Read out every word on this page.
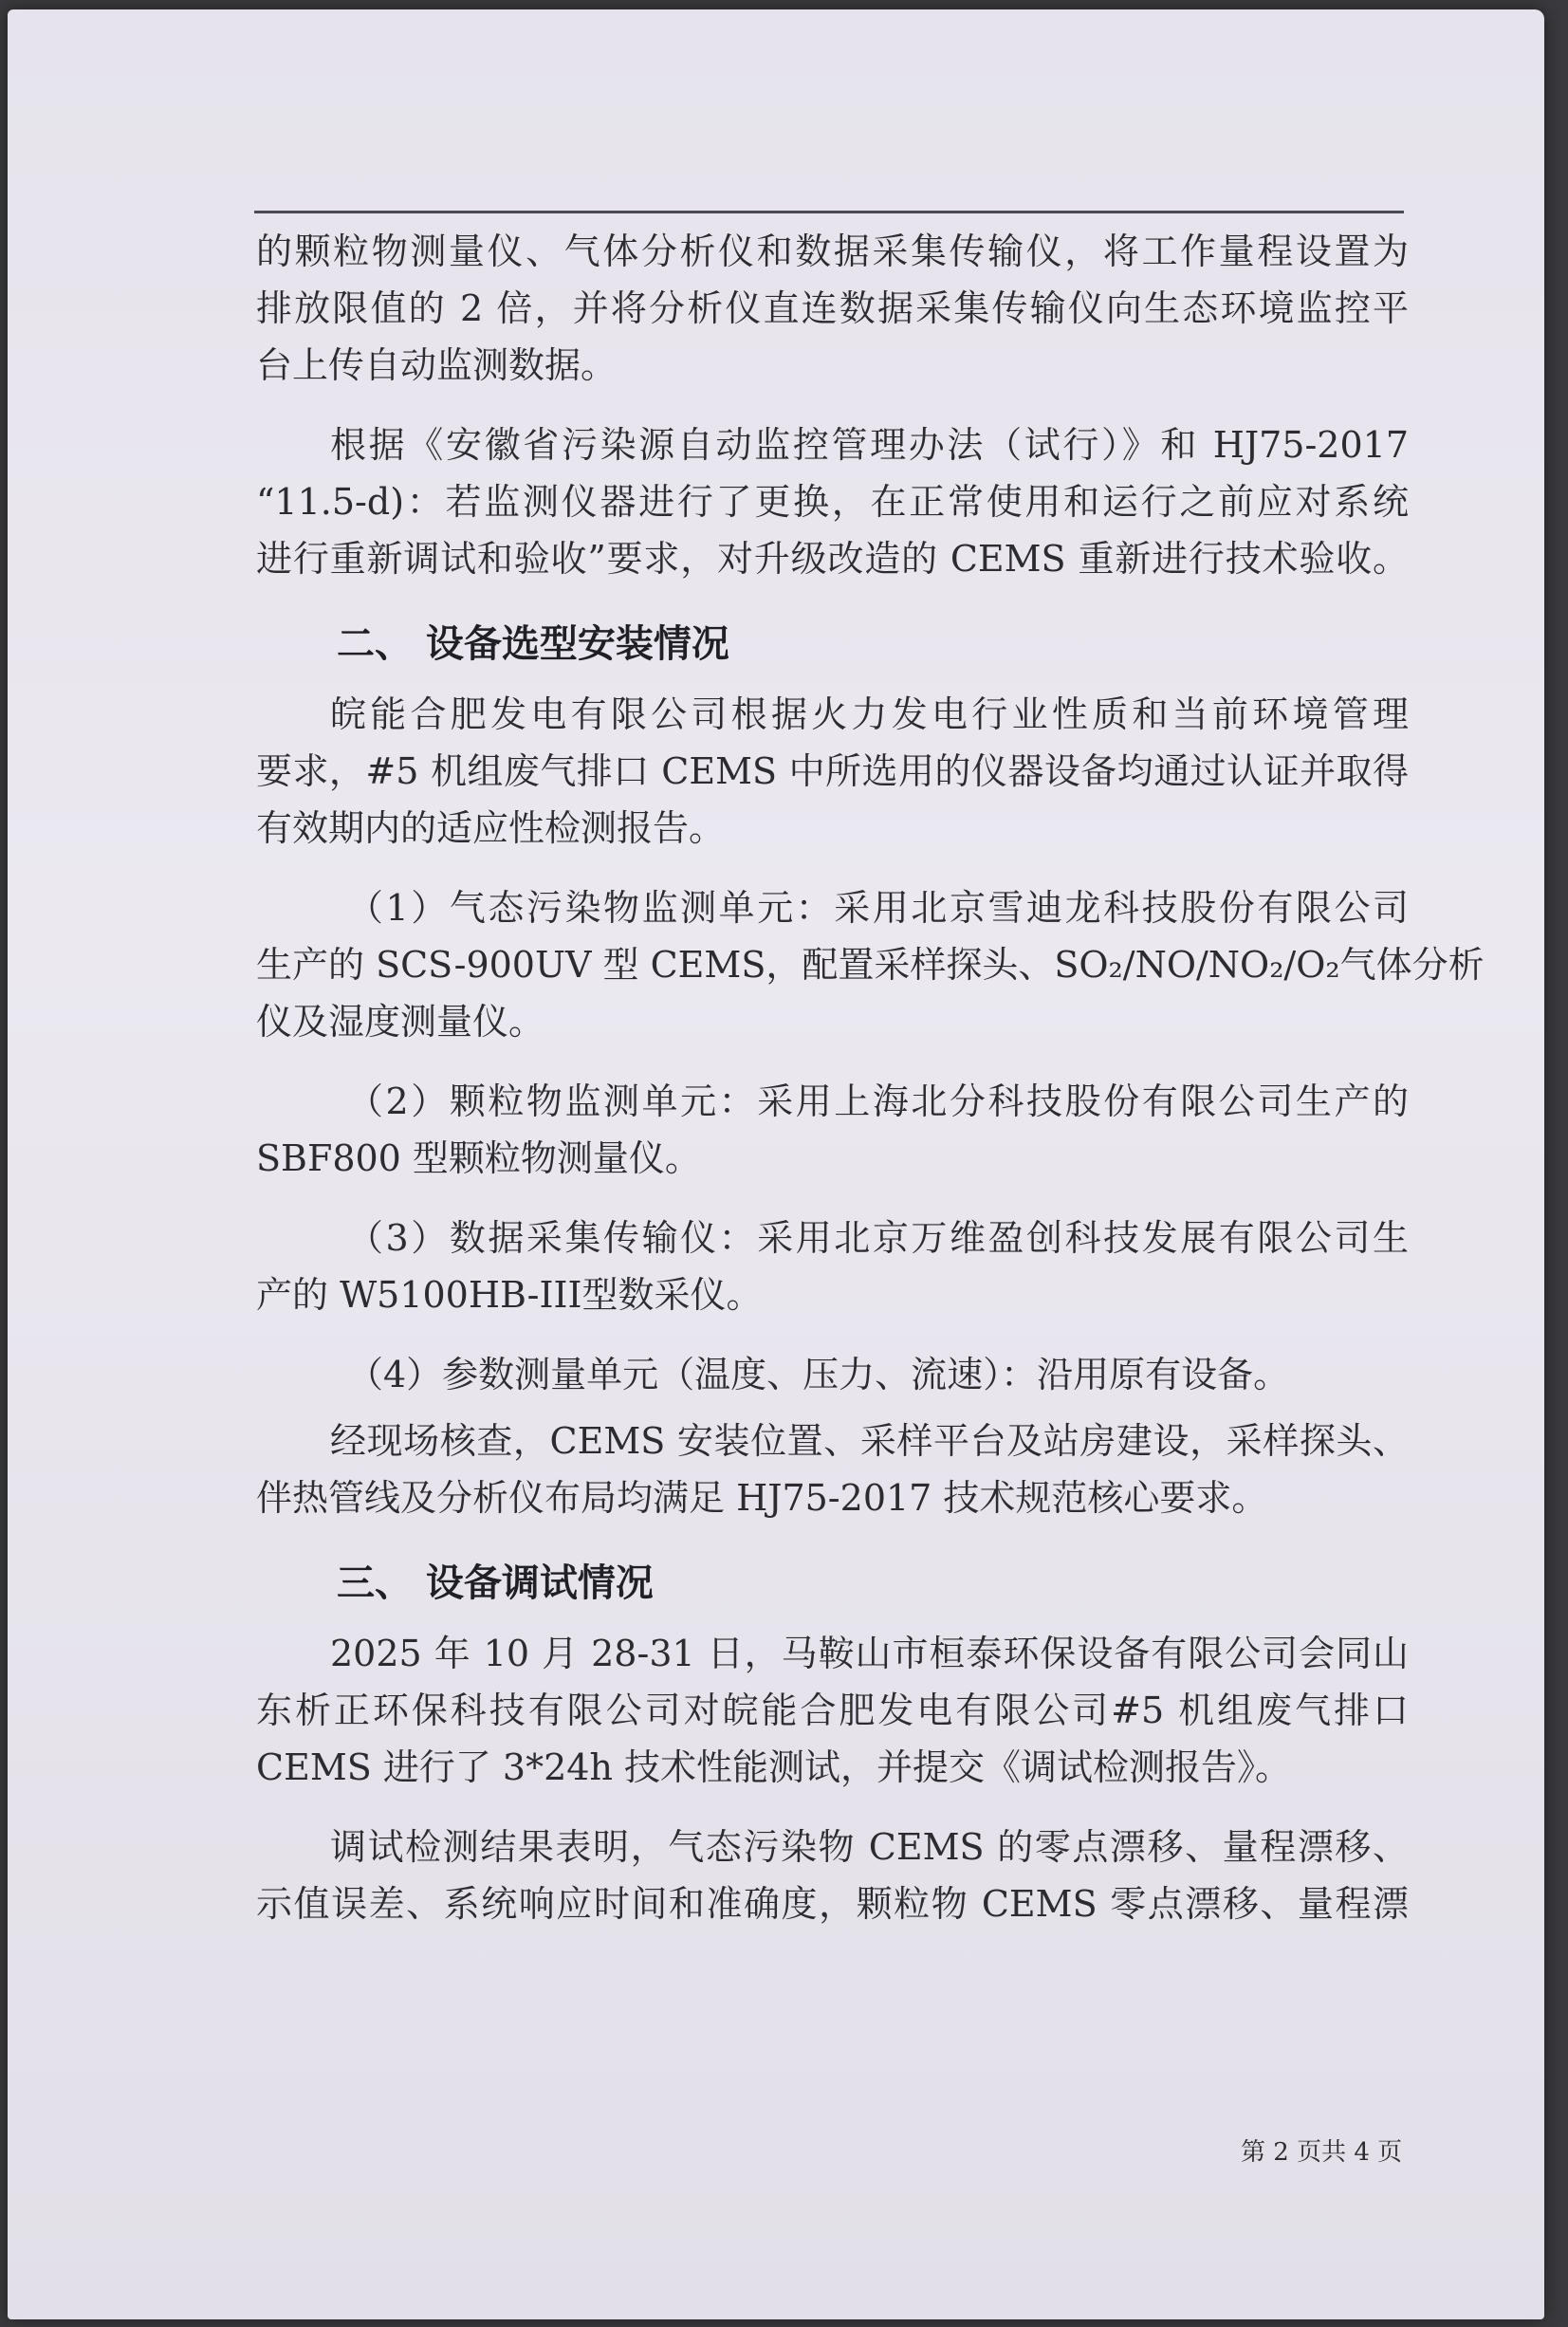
的颗粒物测量仪、气体分析仪和数据采集传输仪，将工作量程设置为
排放限值的 2 倍，并将分析仪直连数据采集传输仪向生态环境监控平
台上传自动监测数据。
根据《安徽省污染源自动监控管理办法（试行）》和 HJ75-2017
“11.5-d)：若监测仪器进行了更换，在正常使用和运行之前应对系统
进行重新调试和验收”要求，对升级改造的 CEMS 重新进行技术验收。
二、 设备选型安装情况
皖能合肥发电有限公司根据火力发电行业性质和当前环境管理
要求，#5 机组废气排口 CEMS 中所选用的仪器设备均通过认证并取得
有效期内的适应性检测报告。
（1）气态污染物监测单元：采用北京雪迪龙科技股份有限公司
生产的 SCS-900UV 型 CEMS，配置采样探头、SO₂/NO/NO₂/O₂气体分析
仪及湿度测量仪。
（2）颗粒物监测单元：采用上海北分科技股份有限公司生产的
SBF800 型颗粒物测量仪。
（3）数据采集传输仪：采用北京万维盈创科技发展有限公司生
产的 W5100HB-III型数采仪。
（4）参数测量单元（温度、压力、流速）：沿用原有设备。
经现场核查，CEMS 安装位置、采样平台及站房建设，采样探头、
伴热管线及分析仪布局均满足 HJ75-2017 技术规范核心要求。
三、 设备调试情况
2025 年 10 月 28-31 日，马鞍山市桓泰环保设备有限公司会同山
东析正环保科技有限公司对皖能合肥发电有限公司#5 机组废气排口
CEMS 进行了 3*24h 技术性能测试，并提交《调试检测报告》。
调试检测结果表明，气态污染物 CEMS 的零点漂移、量程漂移、
示值误差、系统响应时间和准确度，颗粒物 CEMS 零点漂移、量程漂
第 2 页共 4 页
